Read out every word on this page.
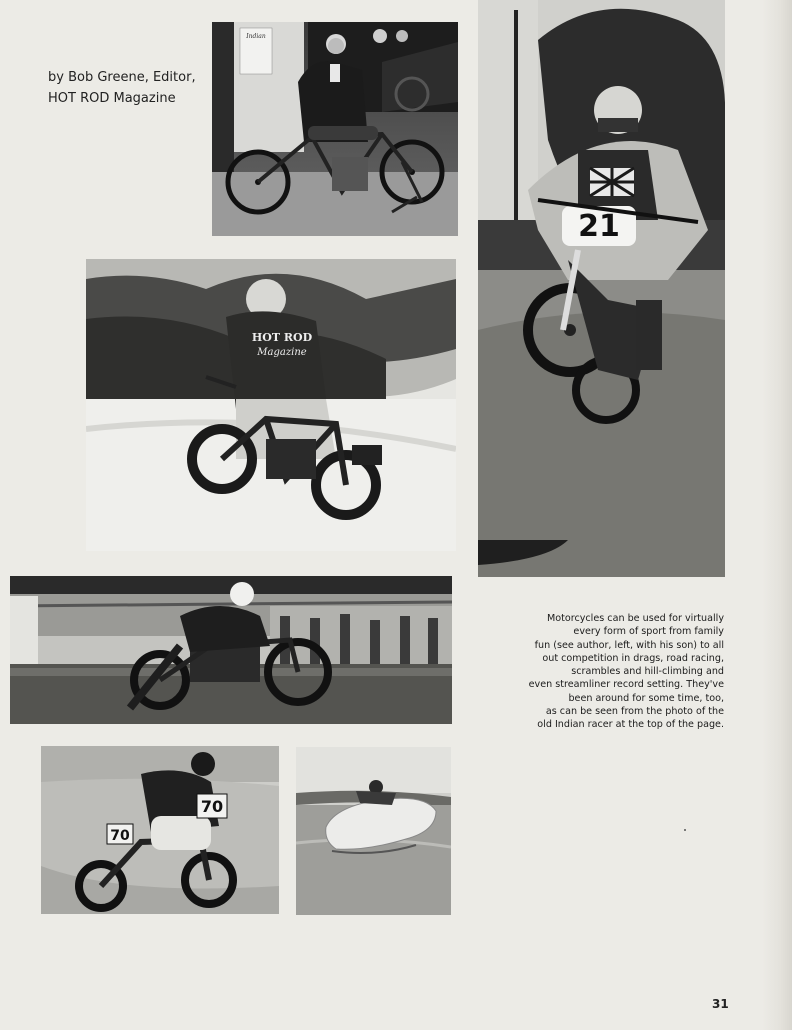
by Bob Greene, Editor,
HOT ROD Magazine
Indian
21
HOT ROD
Magazine
70
70
Motorcycles can be used for virtually
every form of sport from family
fun (see author, left, with his son) to all
out competition in drags, road racing,
scrambles and hill-climbing and
even streamliner record setting. They've
been around for some time, too,
as can be seen from the photo of the
old Indian racer at the top of the page.
31
